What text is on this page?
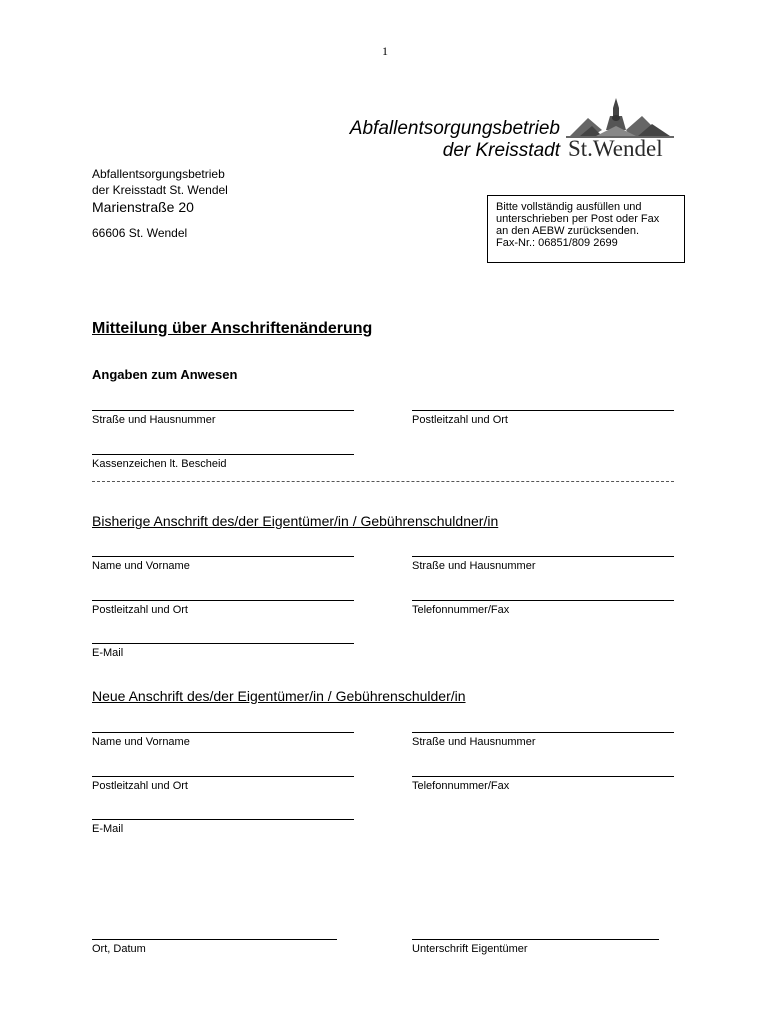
1
Abfallentsorgungsbetrieb
der Kreisstadt St.Wendel
Abfallentsorgungsbetrieb
der Kreisstadt St. Wendel
Marienstraße 20
66606 St. Wendel
Bitte vollständig ausfüllen und
unterschrieben per Post oder Fax
an den AEBW zurücksenden.
Fax-Nr.: 06851/809 2699
Mitteilung über Anschriftenänderung
Angaben zum Anwesen
Straße und Hausnummer	Postleitzahl und Ort
Kassenzeichen lt. Bescheid
Bisherige Anschrift des/der Eigentümer/in / Gebührenschuldner/in
Name und Vorname	Straße und Hausnummer
Postleitzahl und Ort	Telefonnummer/Fax
E-Mail
Neue Anschrift des/der Eigentümer/in / Gebührenschulder/in
Name und Vorname	Straße und Hausnummer
Postleitzahl und Ort	Telefonnummer/Fax
E-Mail
Ort, Datum	Unterschrift Eigentümer
